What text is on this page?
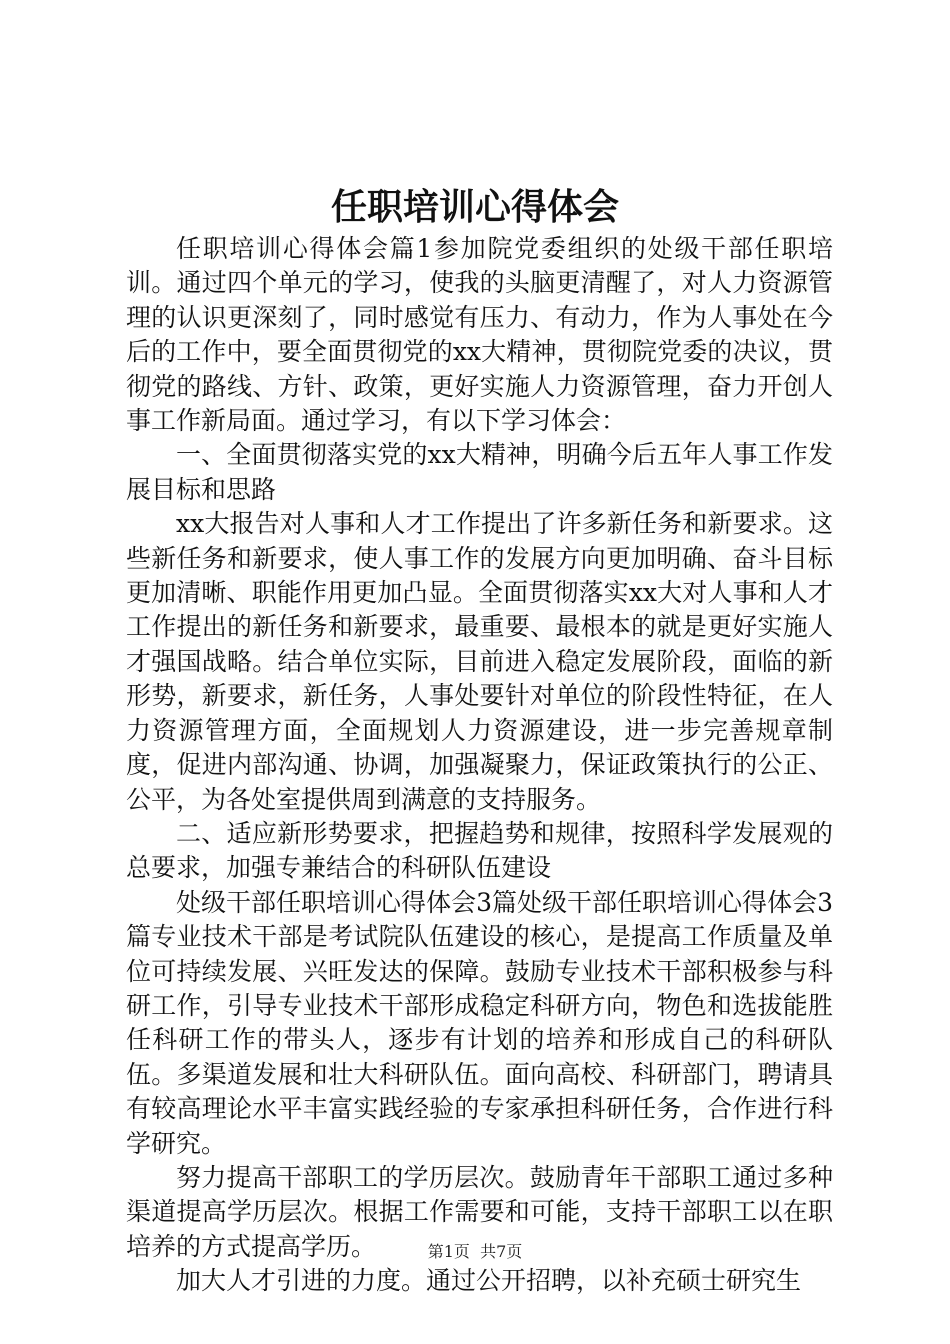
任职培训心得体会

任职培训心得体会篇1参加院党委组织的处级干部任职培训。通过四个单元的学习，使我的头脑更清醒了，对人力资源管理的认识更深刻了，同时感觉有压力、有动力，作为人事处在今后的工作中，要全面贯彻党的xx大精神，贯彻院党委的决议，贯彻党的路线、方针、政策，更好实施人力资源管理，奋力开创人事工作新局面。通过学习，有以下学习体会：

一、全面贯彻落实党的xx大精神，明确今后五年人事工作发展目标和思路

xx大报告对人事和人才工作提出了许多新任务和新要求。这些新任务和新要求，使人事工作的发展方向更加明确、奋斗目标更加清晰、职能作用更加凸显。全面贯彻落实xx大对人事和人才工作提出的新任务和新要求，最重要、最根本的就是更好实施人才强国战略。结合单位实际，目前进入稳定发展阶段，面临的新形势，新要求，新任务，人事处要针对单位的阶段性特征，在人力资源管理方面，全面规划人力资源建设，进一步完善规章制度，促进内部沟通、协调，加强凝聚力，保证政策执行的公正、公平，为各处室提供周到满意的支持服务。

二、适应新形势要求，把握趋势和规律，按照科学发展观的总要求，加强专兼结合的科研队伍建设

处级干部任职培训心得体会3篇处级干部任职培训心得体会3篇专业技术干部是考试院队伍建设的核心，是提高工作质量及单位可持续发展、兴旺发达的保障。鼓励专业技术干部积极参与科研工作，引导专业技术干部形成稳定科研方向，物色和选拔能胜任科研工作的带头人，逐步有计划的培养和形成自己的科研队伍。多渠道发展和壮大科研队伍。面向高校、科研部门，聘请具有较高理论水平丰富实践经验的专家承担科研任务，合作进行科学研究。

努力提高干部职工的学历层次。鼓励青年干部职工通过多种渠道提高学历层次。根据工作需要和可能，支持干部职工以在职培养的方式提高学历。

加大人才引进的力度。通过公开招聘，以补充硕士研究生

第1页 共7页
